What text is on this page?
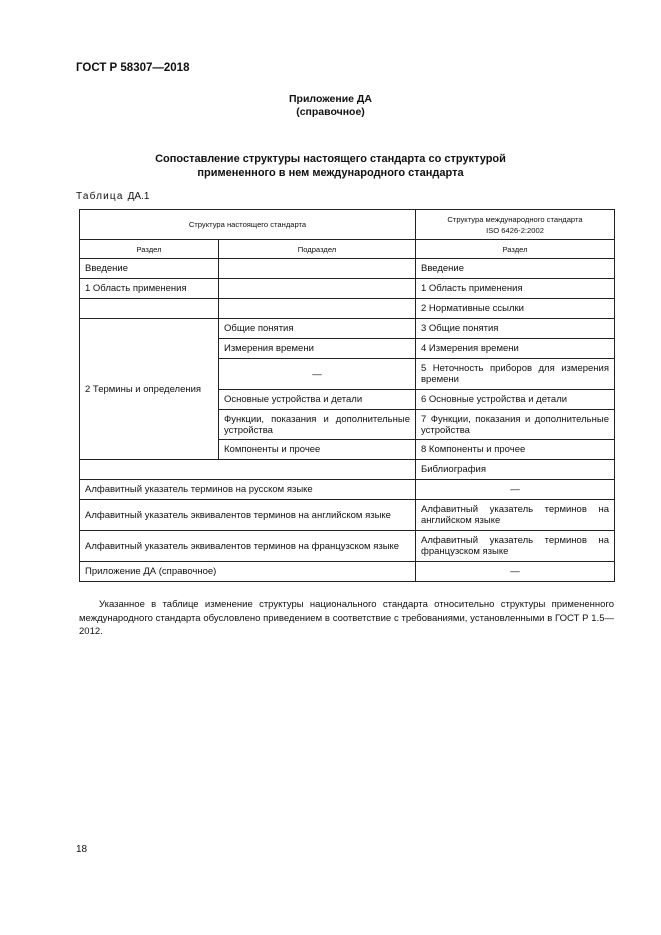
ГОСТ Р 58307—2018
Приложение ДА
(справочное)
Сопоставление структуры настоящего стандарта со структурой
примененного в нем международного стандарта
Таблица ДА.1
Структура настоящего стандарта		Структура международного стандарта
ISO 6426-2:2002

Раздел	Подраздел	Раздел
Введение		Введение
1 Область применения		1 Область применения
		2 Нормативные ссылки
2 Термины и определения	Общие понятия	3 Общие понятия
	Измерения времени	4 Измерения времени
	—	5 Неточность приборов для измерения времени
	Основные устройства и детали	6 Основные устройства и детали
	Функции, показания и дополнительные устройства	7 Функции, показания и дополнительные устройства
	Компоненты и прочее	8 Компоненты и прочее
		Библиография
Алфавитный указатель терминов на русском языке		—
Алфавитный указатель эквивалентов терминов на английском языке		Алфавитный указатель терминов на английском языке
Алфавитный указатель эквивалентов терминов на французском языке		Алфавитный указатель терминов на французском языке
Приложение ДА (справочное)		—
Указанное в таблице изменение структуры национального стандарта относительно структуры примененного международного стандарта обусловлено приведением в соответствие с требованиями, установленными в ГОСТ Р 1.5—2012.
18
